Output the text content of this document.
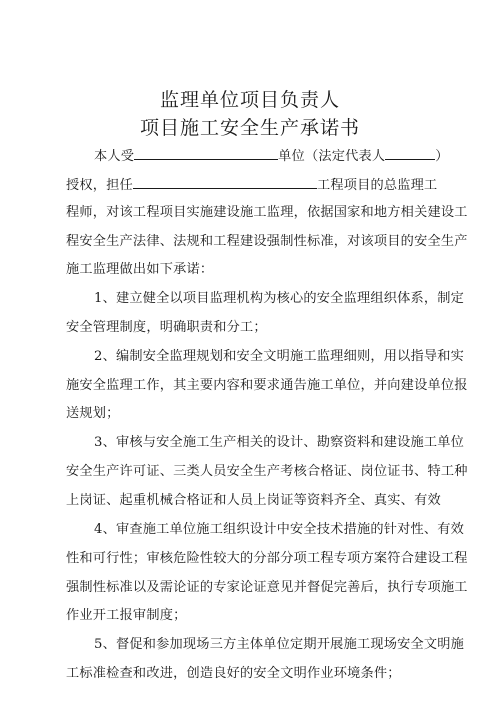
监理单位项目负责人
项目施工安全生产承诺书
本人受	单位（法定代表人	）
授权，担任	工程项目的总监理工
程师，对该工程项目实施建设施工监理，依据国家和地方相关建设工
程安全生产法律、法规和工程建设强制性标准，对该项目的安全生产
施工监理做出如下承诺：
1、建立健全以项目监理机构为核心的安全监理组织体系，制定
安全管理制度，明确职责和分工；
2、编制安全监理规划和安全文明施工监理细则，用以指导和实
施安全监理工作，其主要内容和要求通告施工单位，并向建设单位报
送规划；
3、审核与安全施工生产相关的设计、勘察资料和建设施工单位
安全生产许可证、三类人员安全生产考核合格证、岗位证书、特工种
上岗证、起重机械合格证和人员上岗证等资料齐全、真实、有效
4、审查施工单位施工组织设计中安全技术措施的针对性、有效
性和可行性；审核危险性较大的分部分项工程专项方案符合建设工程
强制性标准以及需论证的专家论证意见并督促完善后，执行专项施工
作业开工报审制度；
5、督促和参加现场三方主体单位定期开展施工现场安全文明施
工标准检查和改进，创造良好的安全文明作业环境条件；
